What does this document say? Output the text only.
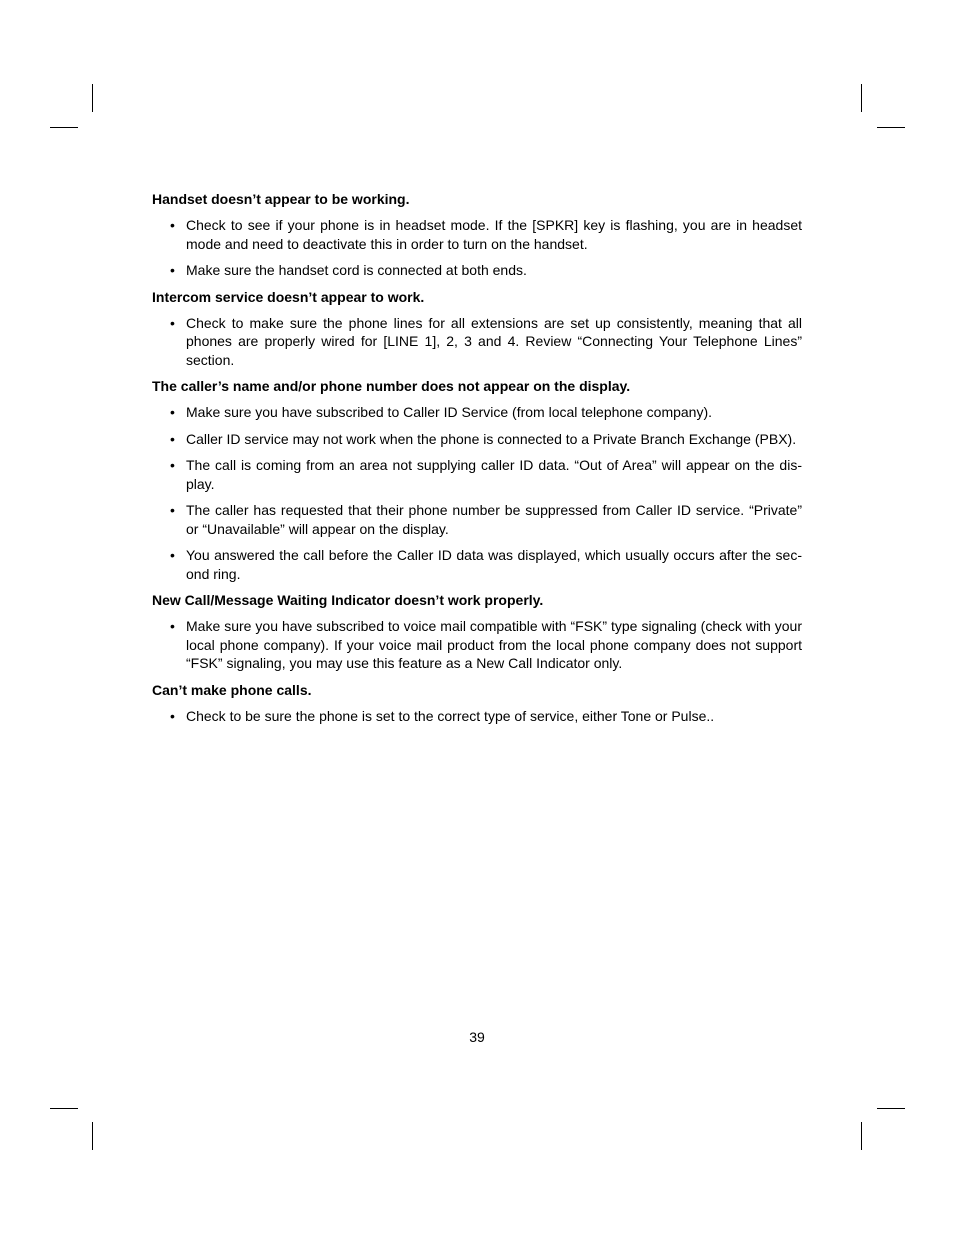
Handset doesn’t appear to be working.
• Check to see if your phone is in headset mode. If the [SPKR] key is flashing, you are in headset mode and need to deactivate this in order to turn on the handset.
• Make sure the handset cord is connected at both ends.
Intercom service doesn’t appear to work.
• Check to make sure the phone lines for all extensions are set up consistently, meaning that all phones are properly wired for [LINE 1], 2, 3 and 4. Review “Connecting Your Telephone Lines” section.
The caller’s name and/or phone number does not appear on the display.
• Make sure you have subscribed to Caller ID Service (from local telephone company).
• Caller ID service may not work when the phone is connected to a Private Branch Exchange (PBX).
• The call is coming from an area not supplying caller ID data. “Out of Area” will appear on the dis-play.
• The caller has requested that their phone number be suppressed from Caller ID service. “Private” or “Unavailable” will appear on the display.
• You answered the call before the Caller ID data was displayed, which usually occurs after the sec-ond ring.
New Call/Message Waiting Indicator doesn’t work properly.
• Make sure you have subscribed to voice mail compatible with “FSK” type signaling (check with your local phone company). If your voice mail product from the local phone company does not support “FSK” signaling, you may use this feature as a New Call Indicator only.
Can’t make phone calls.
• Check to be sure the phone is set to the correct type of service, either Tone or Pulse..
39
